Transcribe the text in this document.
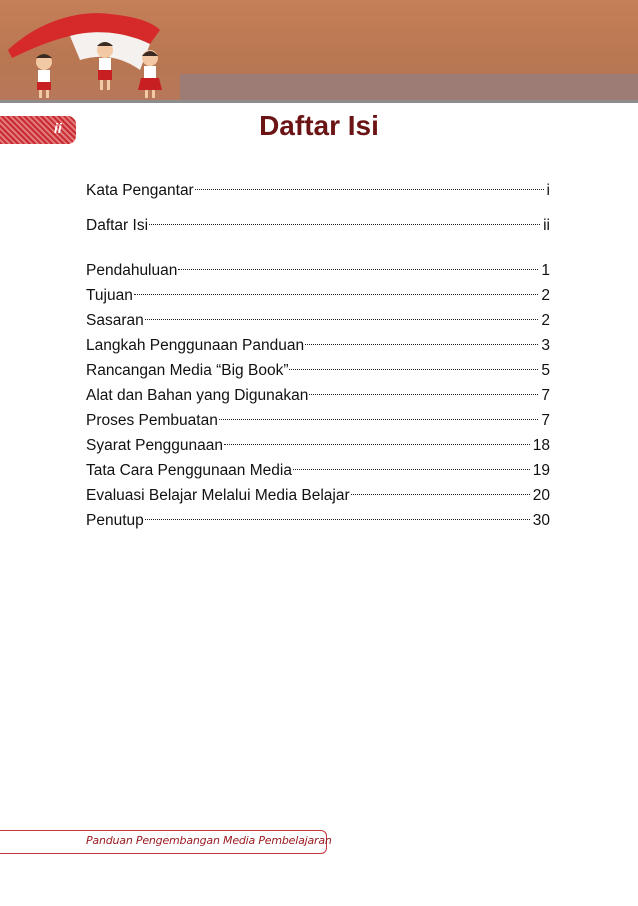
ii	Daftar Isi
Kata Pengantar	i
Daftar Isi	ii
Pendahuluan	1
Tujuan	2
Sasaran	2
Langkah Penggunaan Panduan	3
Rancangan Media “Big Book”	5
Alat dan Bahan yang Digunakan	7
Proses Pembuatan	7
Syarat Penggunaan	18
Tata Cara Penggunaan Media	19
Evaluasi Belajar Melalui Media Belajar	20
Penutup	30
Panduan Pengembangan Media Pembelajaran
